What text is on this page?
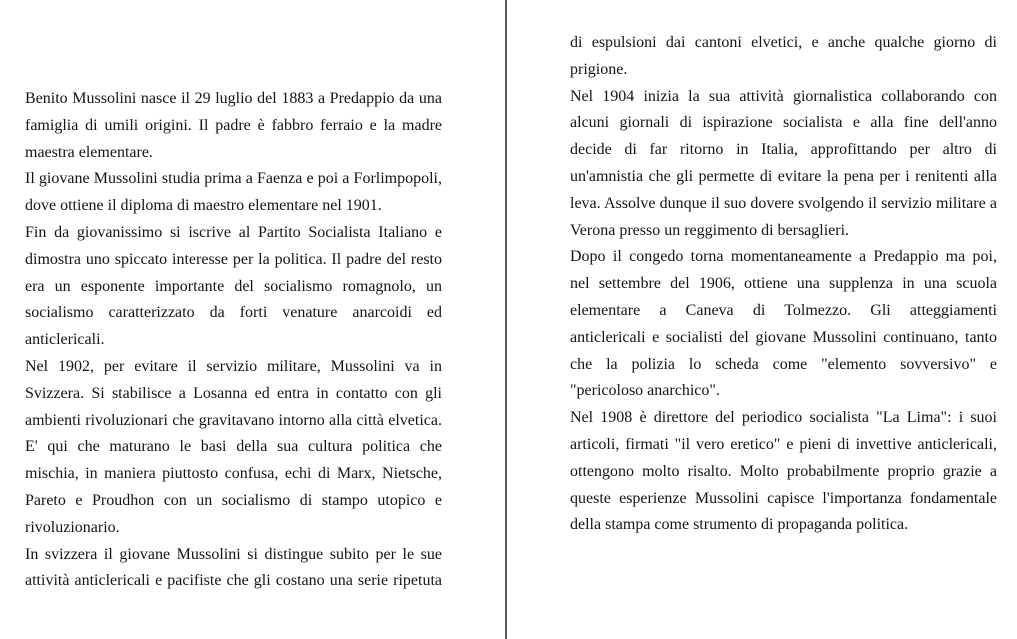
Benito Mussolini nasce il 29 luglio del 1883 a Predappio da una
famiglia di umili origini. Il padre è fabbro ferraio e la madre
maestra elementare.
Il giovane Mussolini studia prima a Faenza e poi a Forlimpopoli,
dove ottiene il diploma di maestro elementare nel 1901.
Fin da giovanissimo si iscrive al Partito Socialista Italiano e
dimostra uno spiccato interesse per la politica. Il padre del resto
era un esponente importante del socialismo romagnolo, un
socialismo caratterizzato da forti venature anarcoidi ed
anticlericali.
Nel 1902, per evitare il servizio militare, Mussolini va in
Svizzera. Si stabilisce a Losanna ed entra in contatto con gli
ambienti rivoluzionari che gravitavano intorno alla città elvetica.
E' qui che maturano le basi della sua cultura politica che
mischia, in maniera piuttosto confusa, echi di Marx, Nietsche,
Pareto e Proudhon con un socialismo di stampo utopico e
rivoluzionario.
In svizzera il giovane Mussolini si distingue subito per le sue
attività anticlericali e pacifiste che gli costano una serie ripetuta
di espulsioni dai cantoni elvetici, e anche qualche giorno di
prigione.
Nel 1904 inizia la sua attività giornalistica collaborando con
alcuni giornali di ispirazione socialista e alla fine dell'anno
decide di far ritorno in Italia, approfittando per altro di
un'amnistia che gli permette di evitare la pena per i renitenti alla
leva. Assolve dunque il suo dovere svolgendo il servizio militare a
Verona presso un reggimento di bersaglieri.
Dopo il congedo torna momentaneamente a Predappio ma poi,
nel settembre del 1906, ottiene una supplenza in una scuola
elementare a Caneva di Tolmezzo. Gli atteggiamenti
anticlericali e socialisti del giovane Mussolini continuano, tanto
che la polizia lo scheda come "elemento sovversivo" e
"pericoloso anarchico".
Nel 1908 è direttore del periodico socialista "La Lima": i suoi
articoli, firmati "il vero eretico" e pieni di invettive anticlericali,
ottengono molto risalto. Molto probabilmente proprio grazie a
queste esperienze Mussolini capisce l'importanza fondamentale
della stampa come strumento di propaganda politica.
